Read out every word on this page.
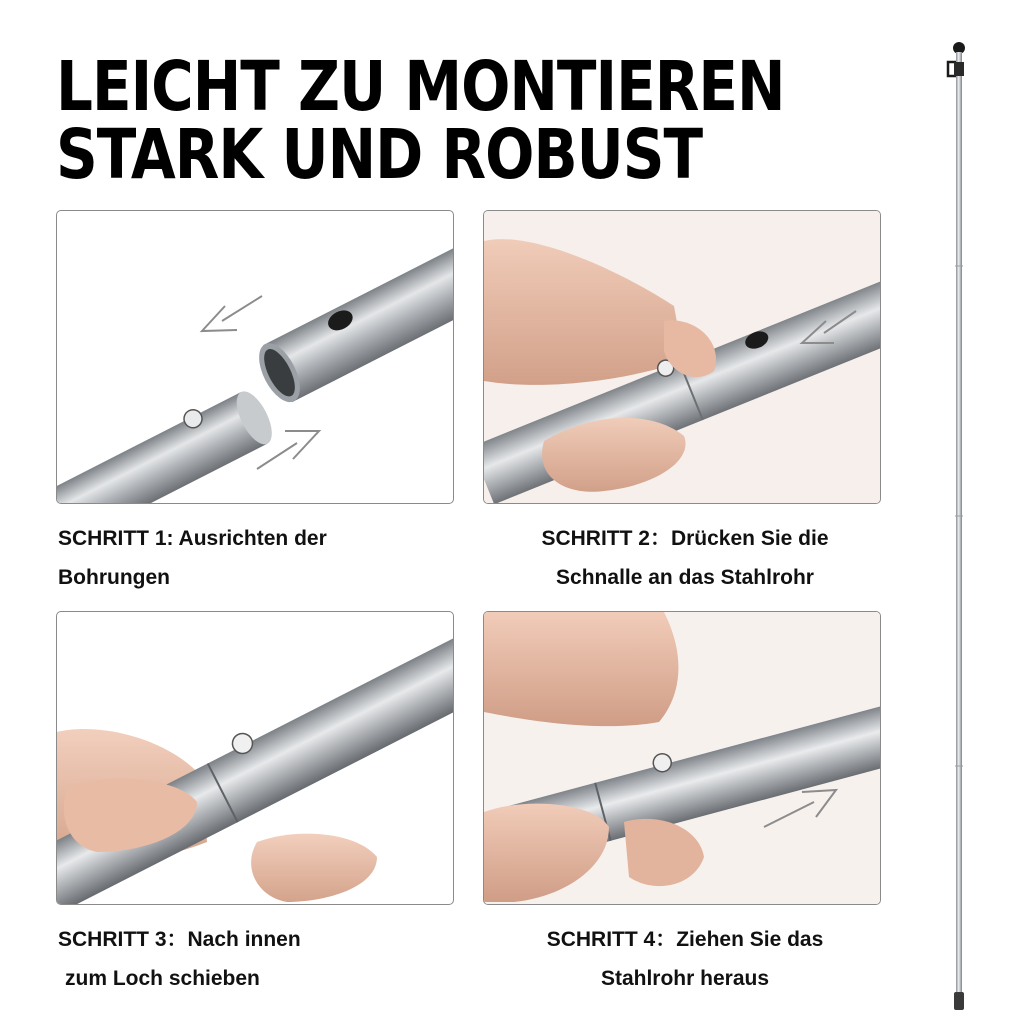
LEICHT ZU MONTIEREN
STARK UND ROBUST
SCHRITT 1: Ausrichten der
Bohrungen
SCHRITT 2：Drücken Sie die
Schnalle an das Stahlrohr
SCHRITT 3：Nach innen
zum Loch schieben
SCHRITT 4：Ziehen Sie das
Stahlrohr heraus
